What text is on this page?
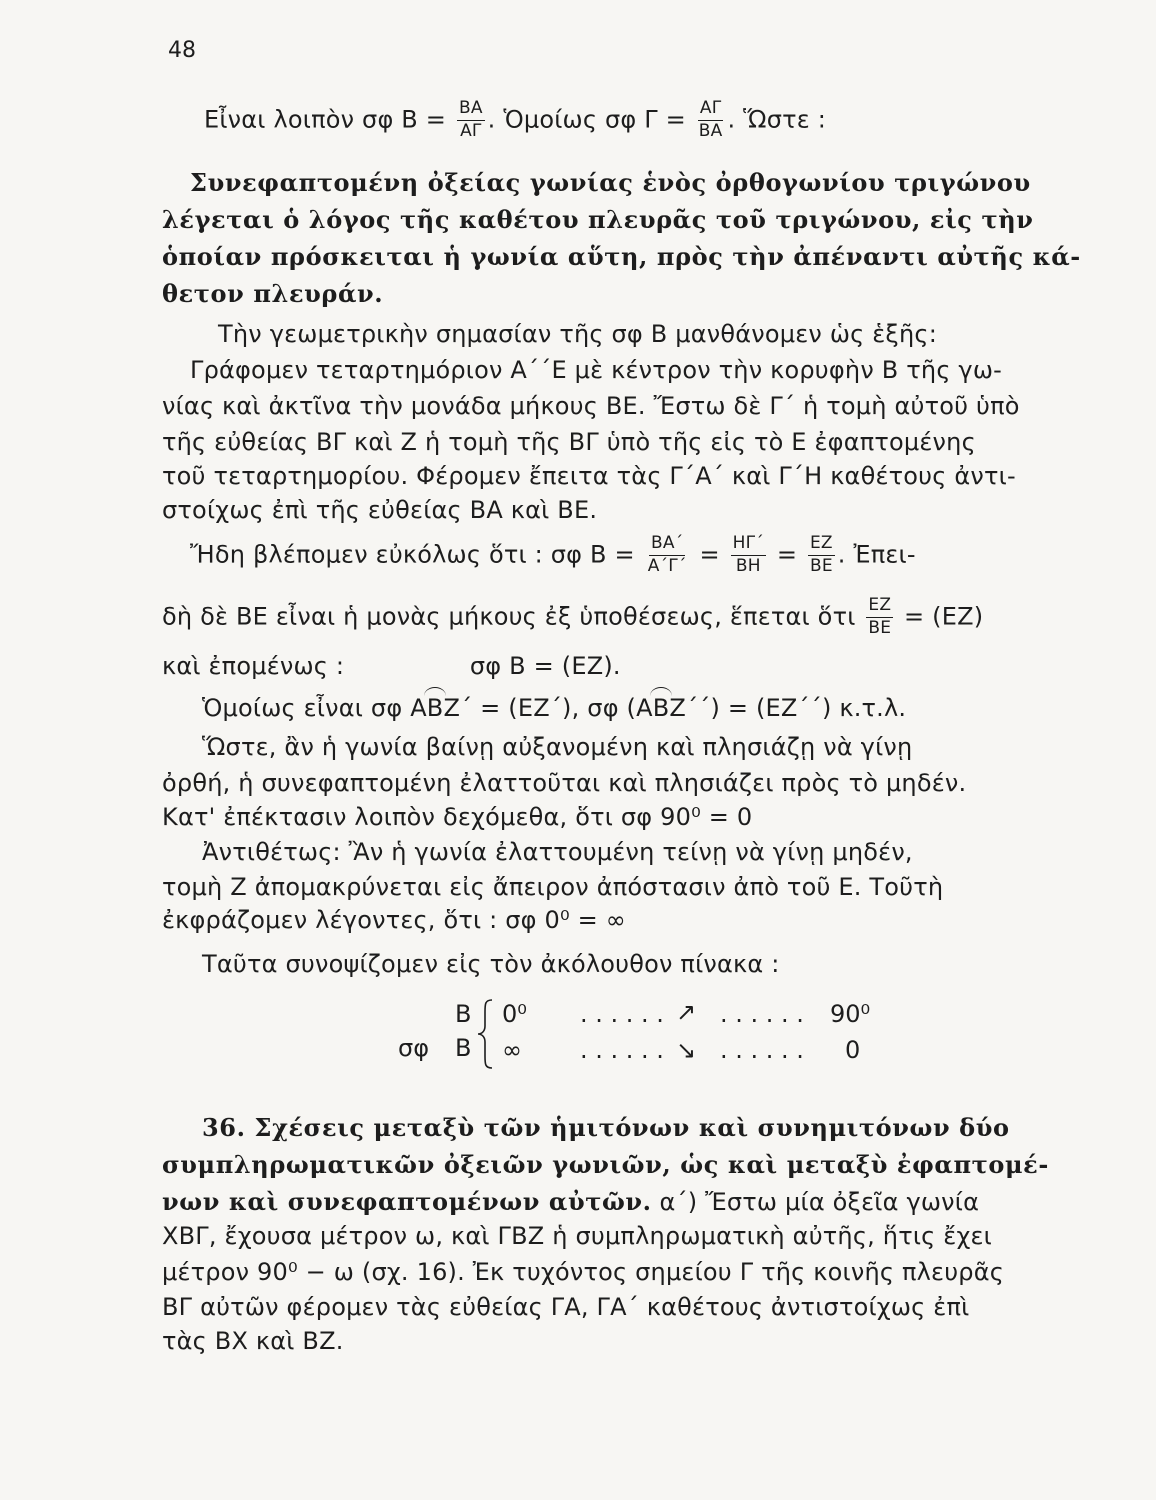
48
Εἶναι λοιπὸν σφ $B = \frac{BA}{A\Gamma}$ . Ὁμοίως σφ $\Gamma = \frac{A\Gamma}{BA}$ . Ὥστε :
Συνεφαπτομένη ὀξείας γωνίας ἑνὸς ὀρθογωνίου τριγώνου
λέγεται ὁ λόγος τῆς καθέτου πλευρᾶς τοῦ τριγώνου, εἰς τὴν
ὁποίαν πρόσκειται ἡ γωνία αὕτη, πρὸς τὴν ἀπέναντι αὐτῆς κά-
θετον πλευράν.
Τὴν γεωμετρικὴν σημασίαν τῆς σφ Β μανθάνομεν ὡς ἑξῆς:
Γράφομεν τεταρτημόριον Α΄΄Ε μὲ κέντρον τὴν κορυφὴν Β τῆς γω-
νίας καὶ ἀκτῖνα τὴν μονάδα μήκους ΒΕ. Ἔστω δὲ Γ΄ ἡ τομὴ αὐτοῦ ὑπὸ
τῆς εὐθείας ΒΓ καὶ Ζ ἡ τομὴ τῆς ΒΓ ὑπὸ τῆς εἰς τὸ Ε ἐφαπτομένης
τοῦ τεταρτημορίου. Φέρομεν ἔπειτα τὰς Γ΄Α΄ καὶ Γ΄Η καθέτους ἀντι-
στοίχως ἐπὶ τῆς εὐθείας ΒΑ καὶ ΒΕ.
Ἤδη βλέπομεν εὐκόλως ὅτι : σφ $B = \frac{BA΄}{A΄\Gamma΄} = \frac{H\Gamma΄}{BH} = \frac{EZ}{BE}$ . Ἐπει-
δὴ δὲ ΒΕ εἶναι ἡ μονὰς μήκους ἐξ ὑποθέσεως, ἕπεται ὅτι $\frac{EZ}{BE} = (EZ)$
καὶ ἐπομένως :	σφ Β = (ΕΖ).
Ὁμοίως εἶναι σφ ΑΒΖ΄ = (ΕΖ΄), σφ (ΑΒΖ΄΄) = (ΕΖ΄΄) κ.τ.λ.
Ὥστε, ἂν ἡ γωνία βαίνῃ αὐξανομένη καὶ πλησιάζῃ νὰ γίνῃ
ὀρθή, ἡ συνεφαπτομένη ἐλαττοῦται καὶ πλησιάζει πρὸς τὸ μηδέν.
Κατ' ἐπέκτασιν λοιπὸν δεχόμεθα, ὅτι σφ 90⁰ = 0
Ἀντιθέτως: Ἂν ἡ γωνία ἐλαττουμένη τείνῃ νὰ γίνῃ μηδέν,
τομὴ Ζ ἀπομακρύνεται εἰς ἄπειρον ἀπόστασιν ἀπὸ τοῦ Ε. Τοῦτὴ
ἐκφράζομεν λέγοντες, ὅτι : σφ 0⁰ = ∞
Ταῦτα συνοψίζομεν εἰς τὸν ἀκόλουθον πίνακα :
Β
σφ Β
0⁰ . . . . . . ↗ . . . . . . 90⁰
∞ . . . . . . ↘ . . . . . . 0
36. Σχέσεις μεταξὺ τῶν ἡμιτόνων καὶ συνημιτόνων δύο
συμπληρωματικῶν ὀξειῶν γωνιῶν, ὡς καὶ μεταξὺ ἐφαπτομέ-
νων καὶ συνεφαπτομένων αὐτῶν. α΄) Ἔστω μία ὀξεῖα γωνία
ΧΒΓ, ἔχουσα μέτρον ω, καὶ ΓΒΖ ἡ συμπληρωματικὴ αὐτῆς, ἥτις ἔχει
μέτρον 90⁰ − ω (σχ. 16). Ἐκ τυχόντος σημείου Γ τῆς κοινῆς πλευρᾶς
ΒΓ αὐτῶν φέρομεν τὰς εὐθείας ΓΑ, ΓΑ΄ καθέτους ἀντιστοίχως ἐπὶ
τὰς ΒΧ καὶ ΒΖ.
